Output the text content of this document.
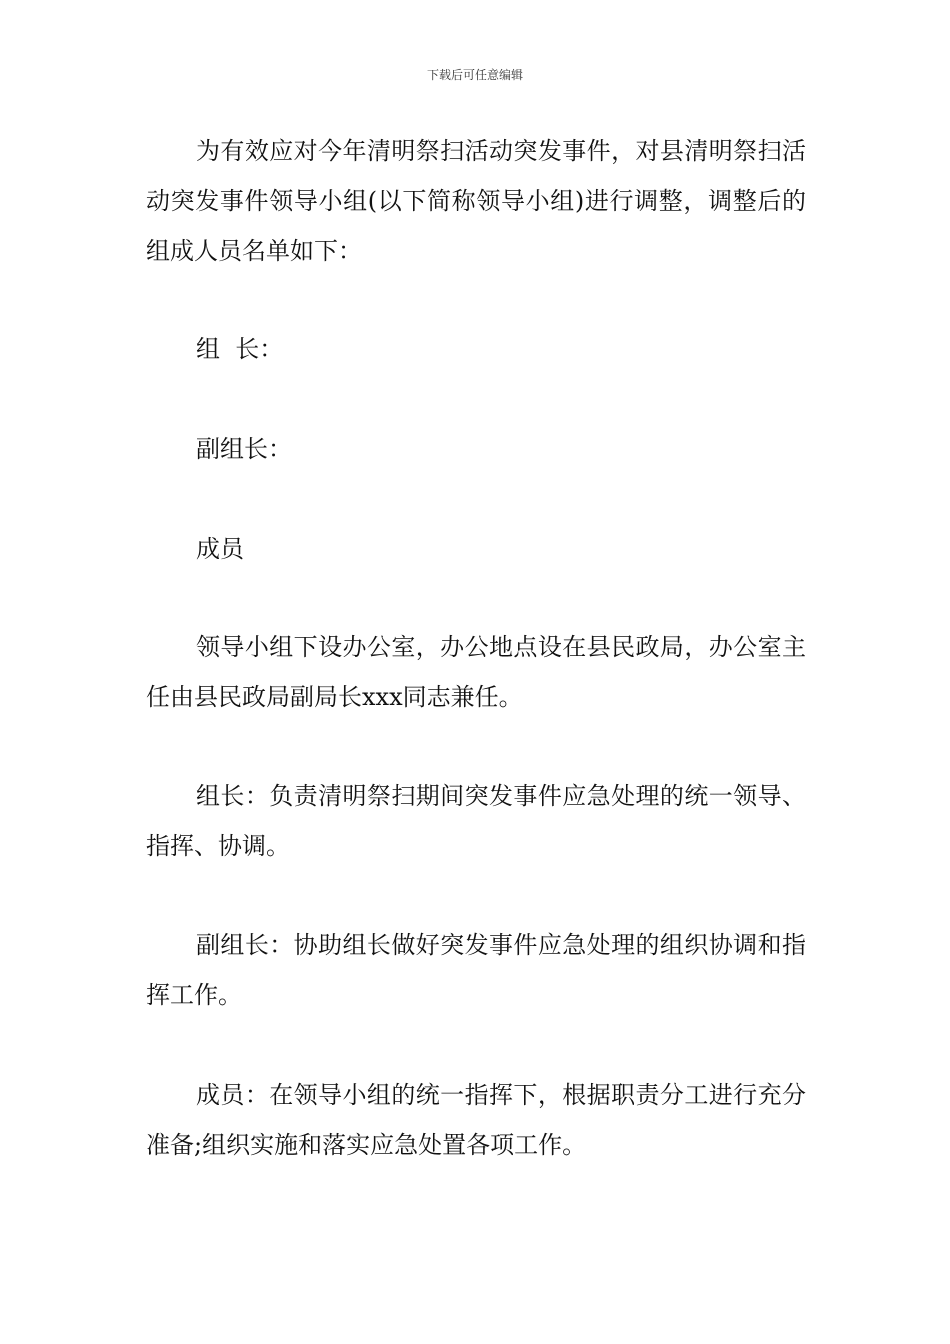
下载后可任意编辑

为有效应对今年清明祭扫活动突发事件，对县清明祭扫活动突发事件领导小组(以下简称领导小组)进行调整，调整后的组成人员名单如下：

组  长：

副组长：

成员

领导小组下设办公室，办公地点设在县民政局，办公室主任由县民政局副局长xxx同志兼任。

组长：负责清明祭扫期间突发事件应急处理的统一领导、指挥、协调。

副组长：协助组长做好突发事件应急处理的组织协调和指挥工作。

成员：在领导小组的统一指挥下，根据职责分工进行充分准备;组织实施和落实应急处置各项工作。
